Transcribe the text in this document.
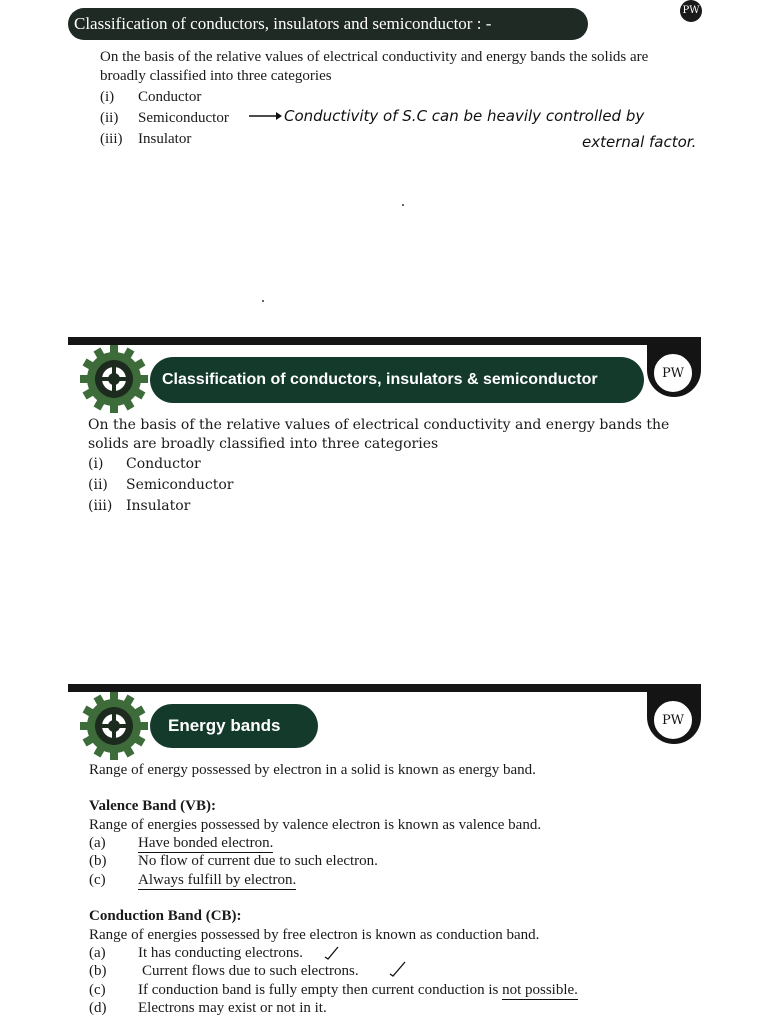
Classification of conductors, insulators and semiconductor : -
PW
On the basis of the relative values of electrical conductivity and energy bands the solids are broadly classified into three categories
(i) Conductor
(ii) Semiconductor
(iii) Insulator
Conductivity of S.C can be heavily controlled by
external factor.
Classification of conductors, insulators & semiconductor	PW
On the basis of the relative values of electrical conductivity and energy bands the solids are broadly classified into three categories
(i) Conductor
(ii) Semiconductor
(iii) Insulator
Energy bands	PW
Range of energy possessed by electron in a solid is known as energy band.
Valence Band (VB):
Range of energies possessed by valence electron is known as valence band.
(a) Have bonded electron.
(b) No flow of current due to such electron.
(c) Always fulfill by electron.
Conduction Band (CB):
Range of energies possessed by free electron is known as conduction band.
(a) It has conducting electrons.
(b) Current flows due to such electrons.
(c) If conduction band is fully empty then current conduction is not possible.
(d) Electrons may exist or not in it.
